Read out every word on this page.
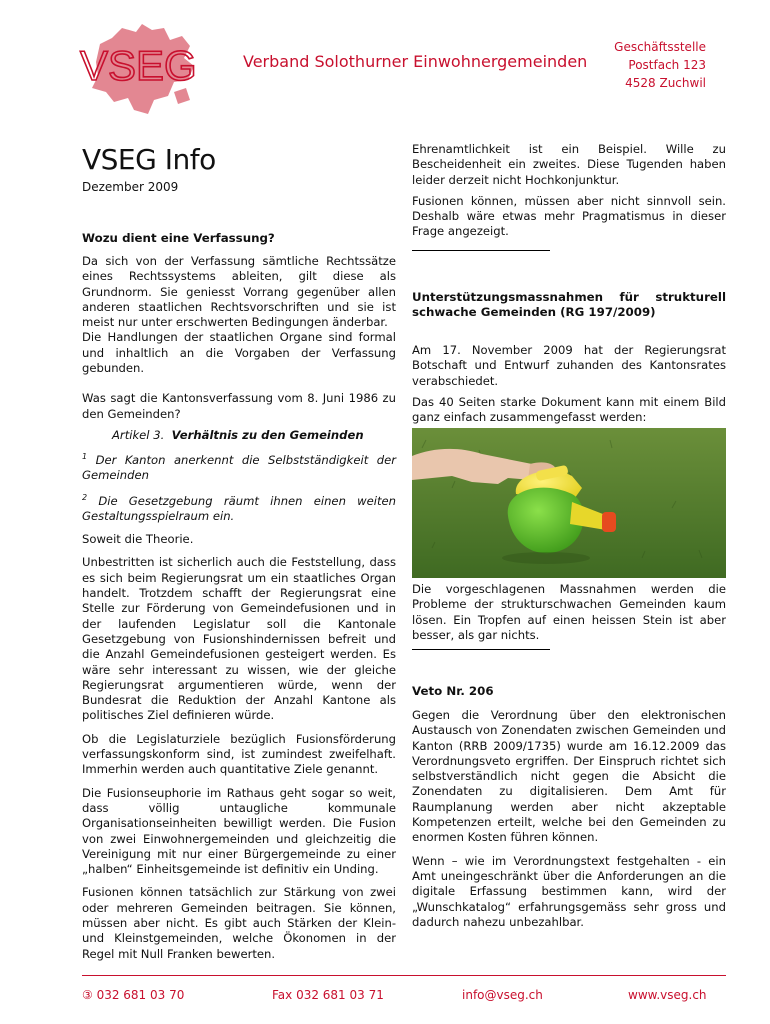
VSEG	Verband Solothurner Einwohnergemeinden
Geschäftsstelle
Postfach 123
4528 Zuchwil
VSEG Info
Dezember 2009

Wozu dient eine Verfassung?

Da sich von der Verfassung sämtliche Rechtssätze eines Rechtssystems ableiten, gilt diese als Grundnorm. Sie geniesst Vorrang gegenüber allen anderen staatlichen Rechtsvorschriften und sie ist meist nur unter erschwerten Bedingungen änderbar.

Die Handlungen der staatlichen Organe sind formal und inhaltlich an die Vorgaben der Verfassung gebunden.

Was sagt die Kantonsverfassung vom 8. Juni 1986 zu den Gemeinden?

Artikel 3. Verhältnis zu den Gemeinden

$^1$ Der Kanton anerkennt die Selbstständigkeit der Gemeinden

$^2$ Die Gesetzgebung räumt ihnen einen weiten Gestaltungsspielraum ein.

Soweit die Theorie.

Unbestritten ist sicherlich auch die Feststellung, dass es sich beim Regierungsrat um ein staatliches Organ handelt. Trotzdem schafft der Regierungsrat eine Stelle zur Förderung von Gemeindefusionen und in der laufenden Legislatur soll die Kantonale Gesetzgebung von Fusionshindernissen befreit und die Anzahl Gemeindefusionen gesteigert werden. Es wäre sehr interessant zu wissen, wie der gleiche Regierungsrat argumentieren würde, wenn der Bundesrat die Reduktion der Anzahl Kantone als politisches Ziel definieren würde.

Ob die Legislaturziele bezüglich Fusionsförderung verfassungskonform sind, ist zumindest zweifelhaft. Immerhin werden auch quantitative Ziele genannt.

Die Fusionseuphorie im Rathaus geht sogar so weit, dass völlig untaugliche kommunale Organisationseinheiten bewilligt werden. Die Fusion von zwei Einwohnergemeinden und gleichzeitig die Vereinigung mit nur einer Bürgergemeinde zu einer „halben“ Einheitsgemeinde ist definitiv ein Unding.

Fusionen können tatsächlich zur Stärkung von zwei oder mehreren Gemeinden beitragen. Sie können, müssen aber nicht. Es gibt auch Stärken der Klein- und Kleinstgemeinden, welche Ökonomen in der Regel mit Null Franken bewerten.

Ehrenamtlichkeit ist ein Beispiel. Wille zu Bescheidenheit ein zweites. Diese Tugenden haben leider derzeit nicht Hochkonjunktur.

Fusionen können, müssen aber nicht sinnvoll sein. Deshalb wäre etwas mehr Pragmatismus in dieser Frage angezeigt.

Unterstützungsmassnahmen für strukturell schwache Gemeinden (RG 197/2009)

Am 17. November 2009 hat der Regierungsrat Botschaft und Entwurf zuhanden des Kantonsrates verabschiedet.

Das 40 Seiten starke Dokument kann mit einem Bild ganz einfach zusammengefasst werden:

Die vorgeschlagenen Massnahmen werden die Probleme der strukturschwachen Gemeinden kaum lösen. Ein Tropfen auf einen heissen Stein ist aber besser, als gar nichts.

Veto Nr. 206

Gegen die Verordnung über den elektronischen Austausch von Zonendaten zwischen Gemeinden und Kanton (RRB 2009/1735) wurde am 16.12.2009 das Verordnungsveto ergriffen. Der Einspruch richtet sich selbstverständlich nicht gegen die Absicht die Zonendaten zu digitalisieren. Dem Amt für Raumplanung werden aber nicht akzeptable Kompetenzen erteilt, welche bei den Gemeinden zu enormen Kosten führen können.

Wenn – wie im Verordnungstext festgehalten - ein Amt uneingeschränkt über die Anforderungen an die digitale Erfassung bestimmen kann, wird der „Wunschkatalog“ erfahrungsgemäss sehr gross und dadurch nahezu unbezahlbar.

③ 032 681 03 70	Fax 032 681 03 71	info@vseg.ch	www.vseg.ch
